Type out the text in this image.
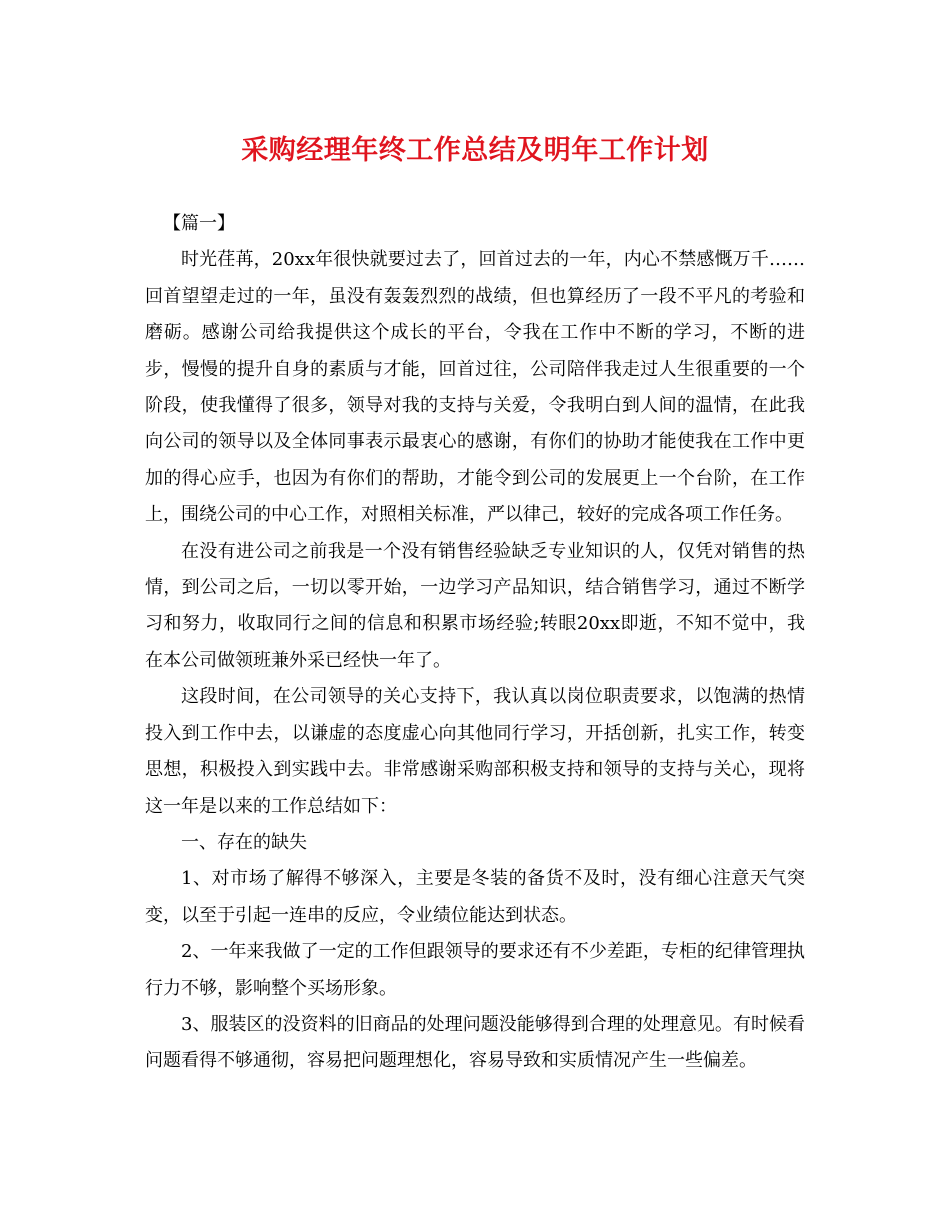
采购经理年终工作总结及明年工作计划

【篇一】

时光荏苒，20xx年很快就要过去了，回首过去的一年，内心不禁感慨万千……回首望望走过的一年，虽没有轰轰烈烈的战绩，但也算经历了一段不平凡的考验和磨砺。感谢公司给我提供这个成长的平台，令我在工作中不断的学习，不断的进步，慢慢的提升自身的素质与才能，回首过往，公司陪伴我走过人生很重要的一个阶段，使我懂得了很多，领导对我的支持与关爱，令我明白到人间的温情，在此我向公司的领导以及全体同事表示最衷心的感谢，有你们的协助才能使我在工作中更加的得心应手，也因为有你们的帮助，才能令到公司的发展更上一个台阶，在工作上，围绕公司的中心工作，对照相关标准，严以律己，较好的完成各项工作任务。

在没有进公司之前我是一个没有销售经验缺乏专业知识的人，仅凭对销售的热情，到公司之后，一切以零开始，一边学习产品知识，结合销售学习，通过不断学习和努力，收取同行之间的信息和积累市场经验;转眼20xx即逝，不知不觉中，我在本公司做领班兼外采已经快一年了。

这段时间，在公司领导的关心支持下，我认真以岗位职责要求，以饱满的热情投入到工作中去，以谦虚的态度虚心向其他同行学习，开括创新，扎实工作，转变思想，积极投入到实践中去。非常感谢采购部积极支持和领导的支持与关心，现将这一年是以来的工作总结如下：

一、存在的缺失

1、对市场了解得不够深入，主要是冬装的备货不及时，没有细心注意天气突变，以至于引起一连串的反应，令业绩位能达到状态。

2、一年来我做了一定的工作但跟领导的要求还有不少差距，专柜的纪律管理执行力不够，影响整个买场形象。

3、服装区的没资料的旧商品的处理问题没能够得到合理的处理意见。有时候看问题看得不够通彻，容易把问题理想化，容易导致和实质情况产生一些偏差。
